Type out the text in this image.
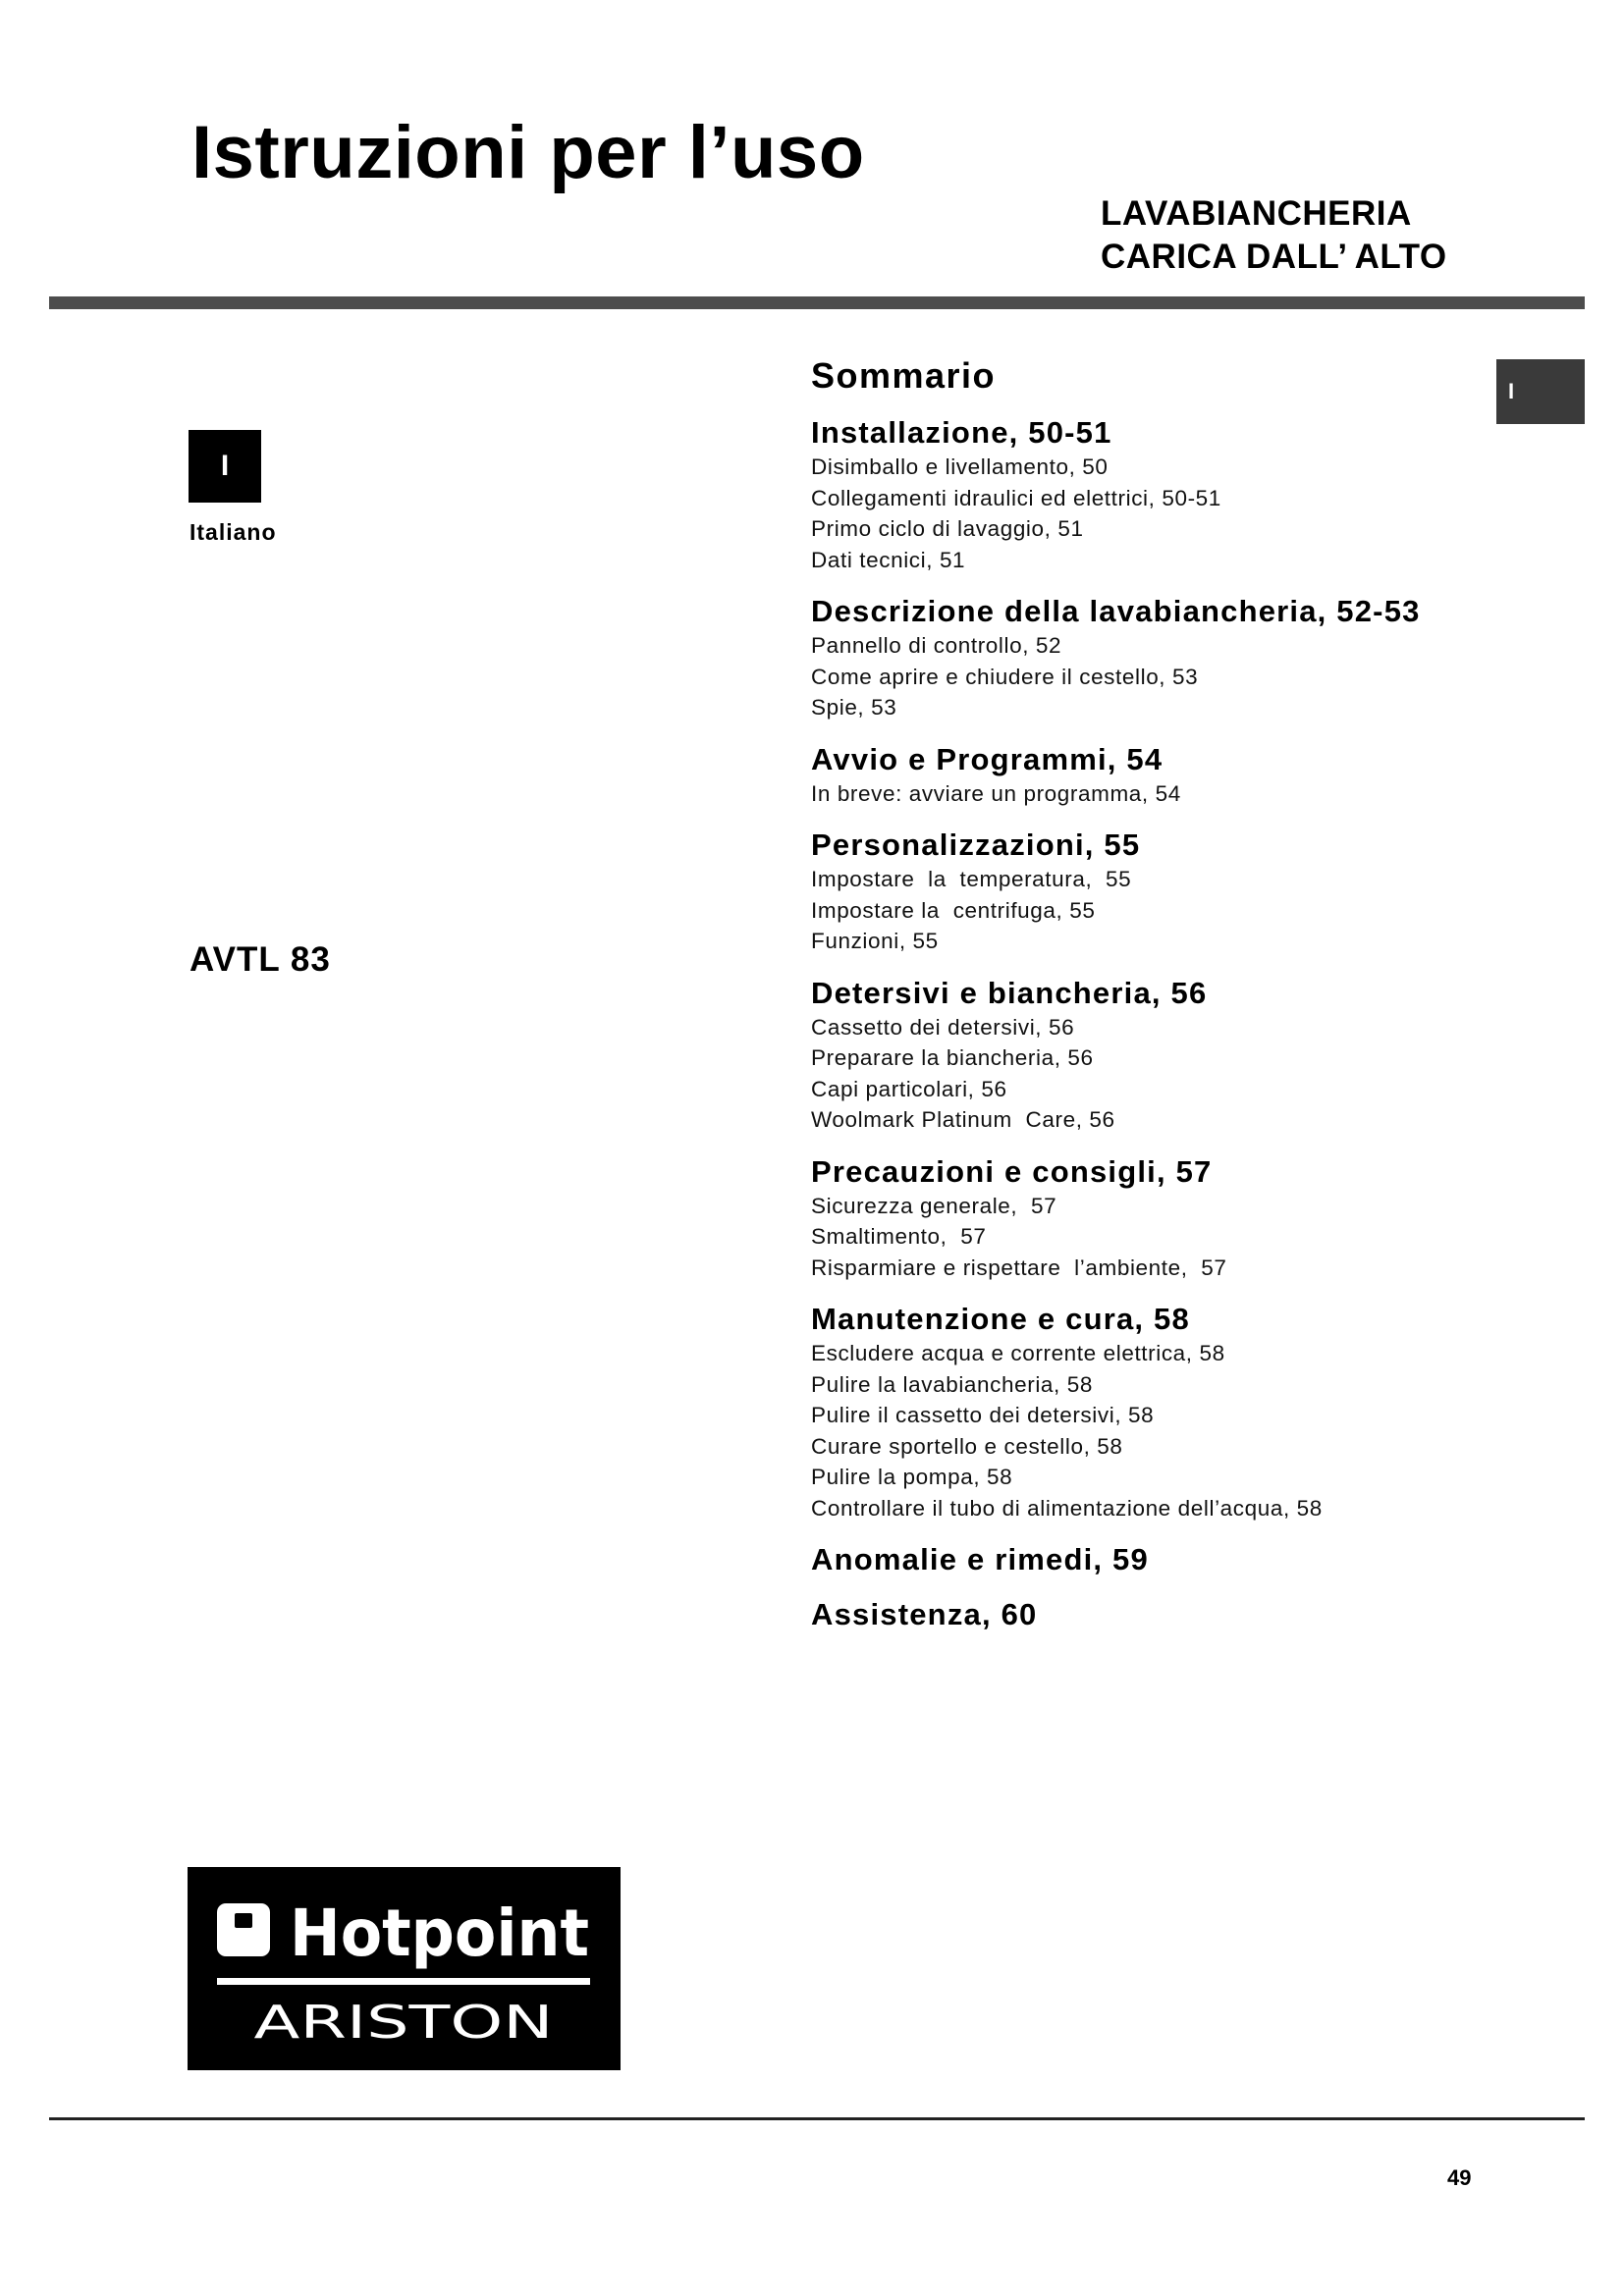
Istruzioni per l’uso
LAVABIANCHERIA
CARICA DALL’ ALTO
I
Italiano
AVTL 83
I
Sommario
Installazione, 50-51
Disimballo e livellamento, 50
Collegamenti idraulici ed elettrici, 50-51
Primo ciclo di lavaggio, 51
Dati tecnici, 51
Descrizione della lavabiancheria, 52-53
Pannello di controllo, 52
Come aprire e chiudere il cestello, 53
Spie, 53
Avvio e Programmi, 54
In breve: avviare un programma, 54
Personalizzazioni, 55
Impostare  la  temperatura,  55
Impostare la  centrifuga, 55
Funzioni, 55
Detersivi e biancheria, 56
Cassetto dei detersivi, 56
Preparare la biancheria, 56
Capi particolari, 56
Woolmark Platinum  Care, 56
Precauzioni e consigli, 57
Sicurezza generale,  57
Smaltimento,  57
Risparmiare e rispettare  l’ambiente,  57
Manutenzione e cura, 58
Escludere acqua e corrente elettrica, 58
Pulire la lavabiancheria, 58
Pulire il cassetto dei detersivi, 58
Curare sportello e cestello, 58
Pulire la pompa, 58
Controllare il tubo di alimentazione dell’acqua, 58
Anomalie e rimedi, 59
Assistenza, 60
Hotpoint
ARISTON
49
